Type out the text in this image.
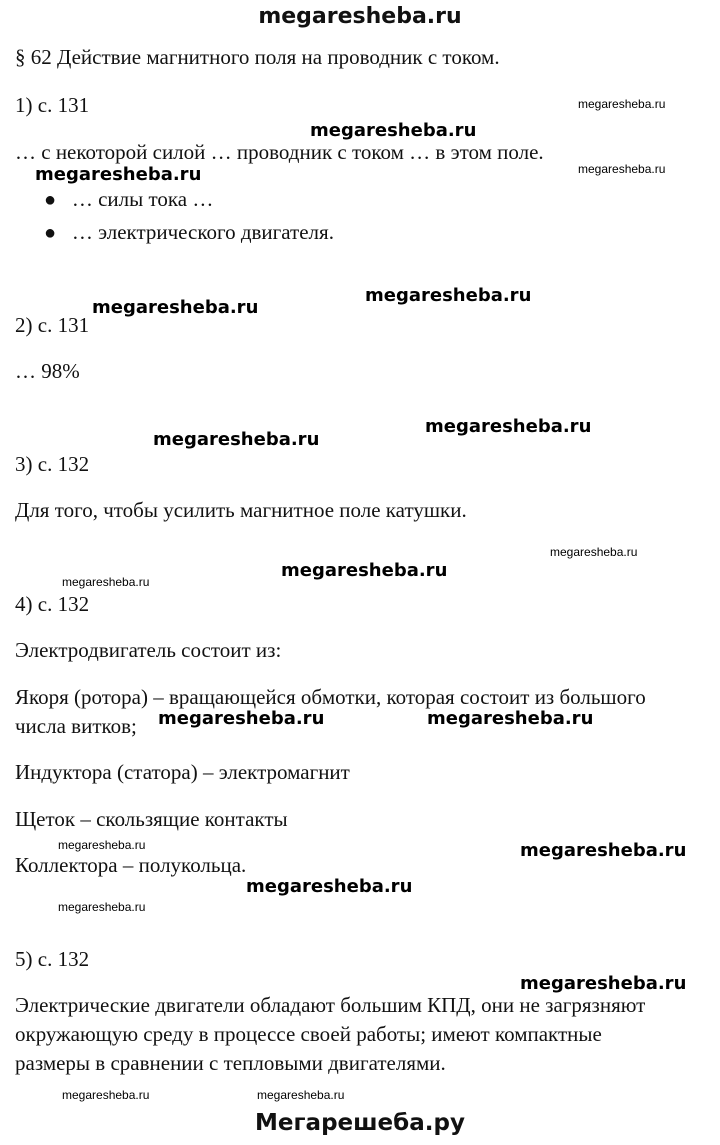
megaresheba.ru
§ 62 Действие магнитного поля на проводник с током.
1) с. 131
… с некоторой силой … проводник с током … в этом поле.
● … силы тока …
● … электрического двигателя.
2) с. 131
… 98%
3) с. 132
Для того, чтобы усилить магнитное поле катушки.
4) с. 132
Электродвигатель состоит из:
Якоря (ротора) – вращающейся обмотки, которая состоит из большого
числа витков;
Индуктора (статора) – электромагнит
Щеток – скользящие контакты
Коллектора – полукольца.
5) с. 132
Электрические двигатели обладают большим КПД, они не загрязняют
окружающую среду в процессе своей работы; имеют компактные
размеры в сравнении с тепловыми двигателями.
megaresheba.ru
megaresheba.ru
megaresheba.ru
megaresheba.ru
megaresheba.ru
megaresheba.ru
megaresheba.ru
megaresheba.ru	megaresheba.ru
megaresheba.ru
megaresheba.ru
megaresheba.ru
megaresheba.ru
megaresheba.ru
megaresheba.ru
megaresheba.ru
megaresheba.ru
megaresheba.ru
megaresheba.ru	megaresheba.ru
Мегарешеба.ру
